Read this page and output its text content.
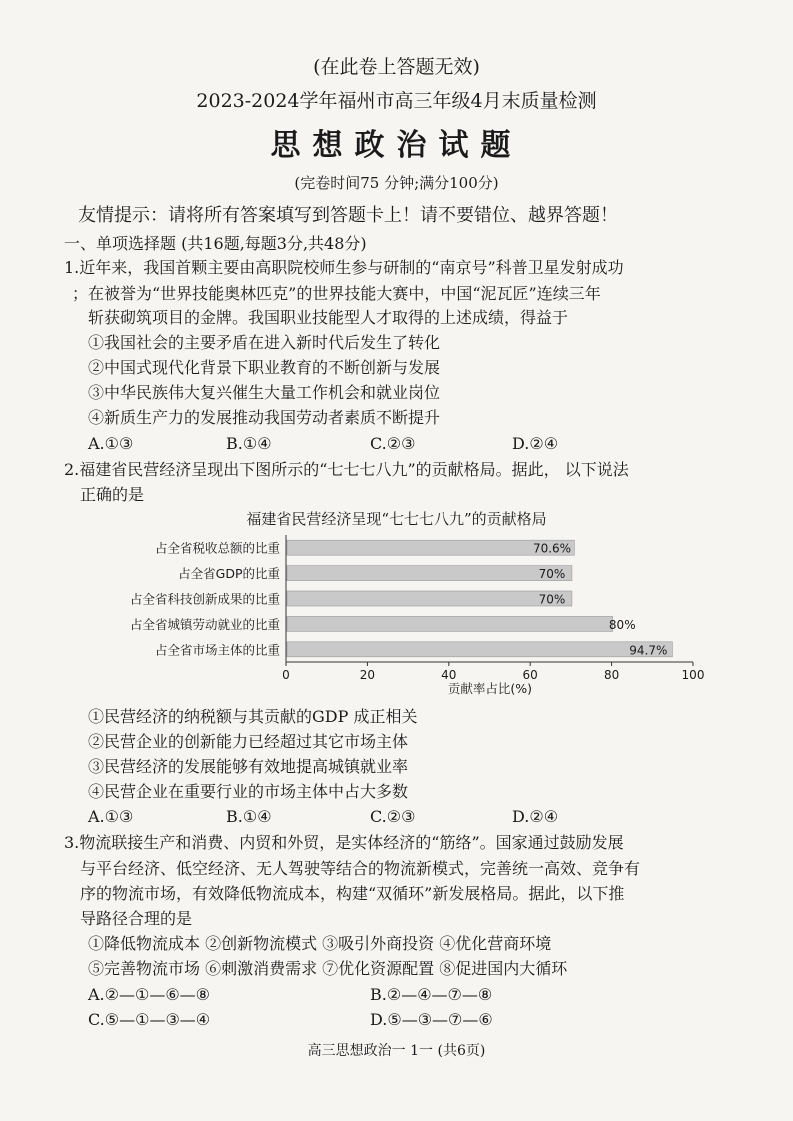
(在此卷上答题无效)
2023-2024学年福州市高三年级4月末质量检测
思想政治试题
(完卷时间75 分钟;满分100分)
友情提示：请将所有答案填写到答题卡上！请不要错位、越界答题！
一、单项选择题 (共16题,每题3分,共48分)
1.近年来，我国首颗主要由高职院校师生参与研制的“南京号”科普卫星发射成功
；在被誉为“世界技能奥林匹克”的世界技能大赛中，中国“泥瓦匠”连续三年
斩获砌筑项目的金牌。我国职业技能型人才取得的上述成绩，得益于
①我国社会的主要矛盾在进入新时代后发生了转化
②中国式现代化背景下职业教育的不断创新与发展
③中华民族伟大复兴催生大量工作机会和就业岗位
④新质生产力的发展推动我国劳动者素质不断提升
A.①③	B.①④	C.②③	D.②④
2.福建省民营经济呈现出下图所示的“七七七八九”的贡献格局。据此， 以下说法
正确的是
福建省民营经济呈现“七七七八九”的贡献格局
占全省税收总额的比重	70.6%
占全省GDP的比重	70%
占全省科技创新成果的比重	70%
占全省城镇劳动就业的比重	80%
占全省市场主体的比重	94.7%
0	20	40	60	80	100
贡献率占比(%)
①民营经济的纳税额与其贡献的GDP 成正相关
②民营企业的创新能力已经超过其它市场主体
③民营经济的发展能够有效地提高城镇就业率
④民营企业在重要行业的市场主体中占大多数
A.①③	B.①④	C.②③	D.②④
3.物流联接生产和消费、内贸和外贸，是实体经济的“筋络”。国家通过鼓励发展
与平台经济、低空经济、无人驾驶等结合的物流新模式，完善统一高效、竞争有
序的物流市场，有效降低物流成本，构建“双循环”新发展格局。据此，以下推
导路径合理的是
①降低物流成本 ②创新物流模式 ③吸引外商投资 ④优化营商环境
⑤完善物流市场 ⑥刺激消费需求 ⑦优化资源配置 ⑧促进国内大循环
A.②—①—⑥—⑧	B.②—④—⑦—⑧
C.⑤—①—③—④	D.⑤—③—⑦—⑥
高三思想政治一 1一 (共6页)
